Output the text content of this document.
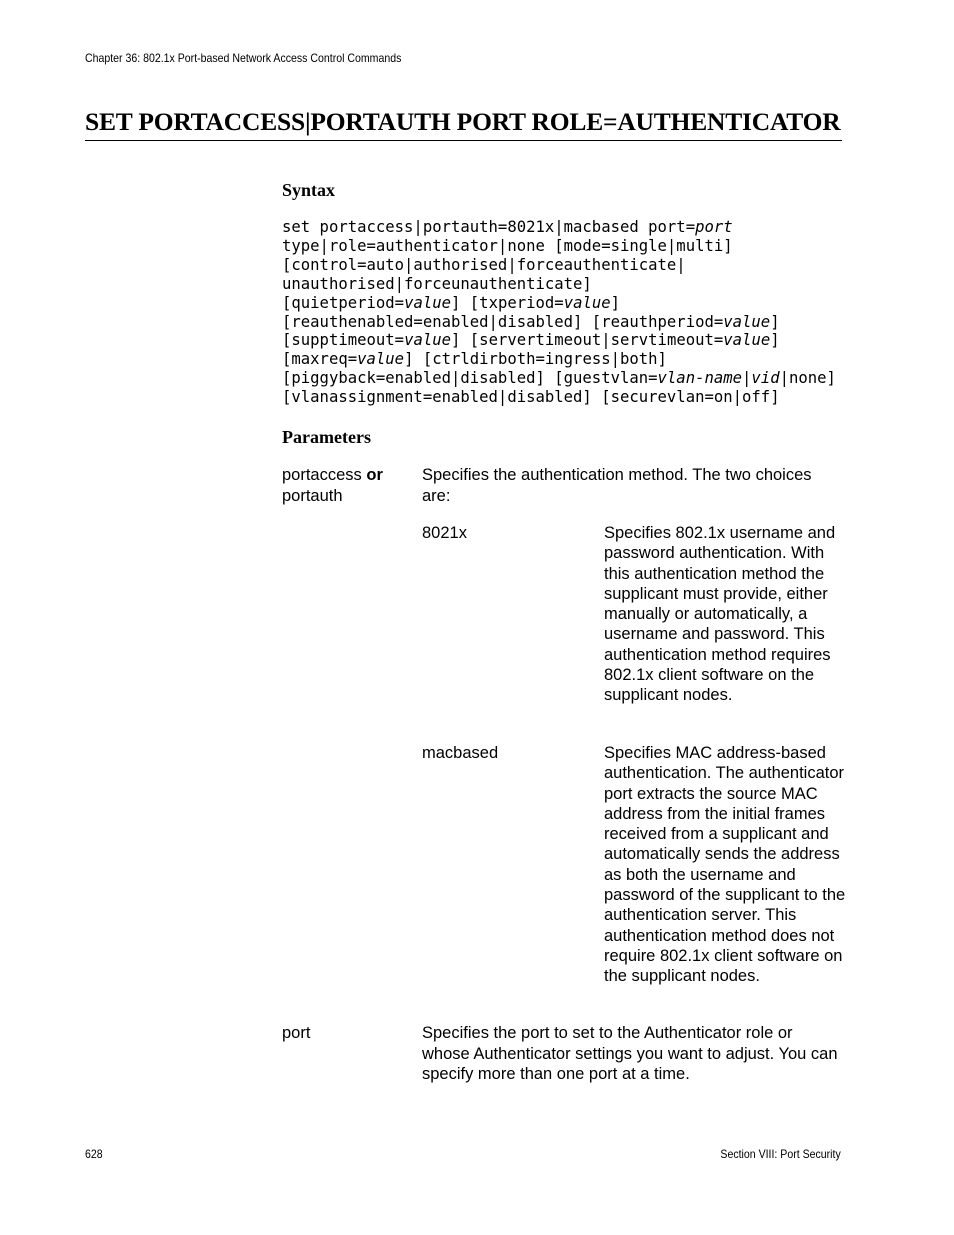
Chapter 36: 802.1x Port-based Network Access Control Commands
SET PORTACCESS|PORTAUTH PORT ROLE=AUTHENTICATOR
Syntax
set portaccess|portauth=8021x|macbased port=port
type|role=authenticator|none [mode=single|multi]
[control=auto|authorised|forceauthenticate|
unauthorised|forceunauthenticate]
[quietperiod=value] [txperiod=value]
[reauthenabled=enabled|disabled] [reauthperiod=value]
[supptimeout=value] [servertimeout|servtimeout=value]
[maxreq=value] [ctrldirboth=ingress|both]
[piggyback=enabled|disabled] [guestvlan=vlan-name|vid|none]
[vlanassignment=enabled|disabled] [securevlan=on|off]
Parameters
portaccess or
portauth
Specifies the authentication method. The two choices are:
8021x	Specifies 802.1x username and password authentication. With this authentication method the supplicant must provide, either manually or automatically, a username and password. This authentication method requires 802.1x client software on the supplicant nodes.
macbased	Specifies MAC address-based authentication. The authenticator port extracts the source MAC address from the initial frames received from a supplicant and automatically sends the address as both the username and password of the supplicant to the authentication server. This authentication method does not require 802.1x client software on the supplicant nodes.
port	Specifies the port to set to the Authenticator role or whose Authenticator settings you want to adjust. You can specify more than one port at a time.
628	Section VIII: Port Security
